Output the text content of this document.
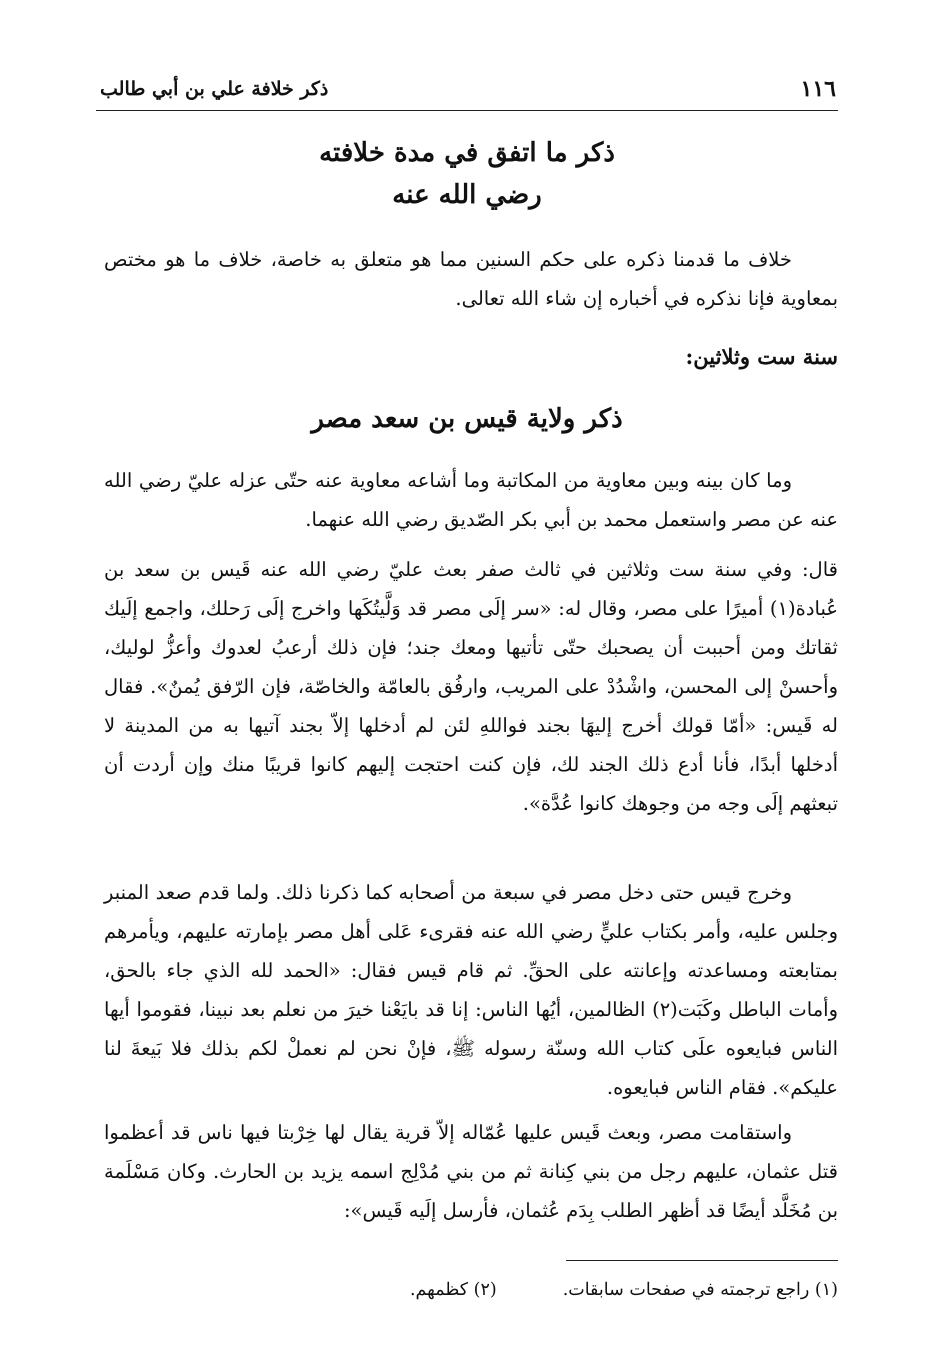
١١٦
ذكر خلافة علي بن أبي طالب
ذكر ما اتفق في مدة خلافته
رضي الله عنه

خلاف ما قدمنا ذكره على حكم السنين مما هو متعلق به خاصة، خلاف ما هو مختص بمعاوية فإنا نذكره في أخباره إن شاء الله تعالى.

سنة ست وثلاثين:

ذكر ولاية قيس بن سعد مصر

وما كان بينه وبين معاوية من المكاتبة وما أشاعه معاوية عنه حتّى عزله عليّ رضي الله عنه عن مصر واستعمل محمد بن أبي بكر الصّديق رضي الله عنهما.

قال: وفي سنة ست وثلاثين في ثالث صفر بعث عليّ رضي الله عنه قَيس بن سعد بن عُبادة(١) أميرًا على مصر، وقال له: «سر إلَى مصر قد وَلَّيتُكَها واخرج إلَى رَحلك، واجمع إلَيك ثقاتك ومن أحببت أن يصحبك حتّى تأتيها ومعك جند؛ فإن ذلك أرعبُ لعدوك وأعزُّ لوليك، وأحسنْ إلى المحسن، واشْدُدْ على المريب، وارفُق بالعامّة والخاصّة، فإن الرّفق يُمنٌ». فقال له قَيس: «أمّا قولك أخرج إليهَا بجند فواللهِ لئن لم أدخلها إلاّ بجند آتيها به من المدينة لا أدخلها أبدًا، فأنا أدع ذلك الجند لك، فإن كنت احتجت إليهم كانوا قريبًا منك وإن أردت أن تبعثهم إلَى وجه من وجوهك كانوا عُدَّة».

وخرج قيس حتى دخل مصر في سبعة من أصحابه كما ذكرنا ذلك. ولما قدم صعد المنبر وجلس عليه، وأمر بكتاب عليٍّ رضي الله عنه فقرىء عَلى أهل مصر بإمارته عليهم، ويأمرهم بمتابعته ومساعدته وإعانته على الحقِّ. ثم قام قيس فقال: «الحمد لله الذي جاء بالحق، وأمات الباطل وكَبَت(٢) الظالمين، أيُها الناس: إنا قد بايَعْنا خيرَ من نعلم بعد نبينا، فقوموا أيها الناس فبايعوه علَى كتاب الله وسنّة رسوله ﷺ، فإنْ نحن لم نعملْ لكم بذلك فلا بَيعةَ لنا عليكم». فقام الناس فبايعوه.

واستقامت مصر، وبعث قَيس عليها عُمّاله إلاّ قرية يقال لها خِرْبتا فيها ناس قد أعظموا قتل عثمان، عليهم رجل من بني كِنانة ثم من بني مُدْلِج اسمه يزيد بن الحارث. وكان مَسْلَمة بن مُخَلَّد أيضًا قد أظهر الطلب بِدَم عُثمان، فأرسل إلَيه قَيس»:

(١) راجع ترجمته في صفحات سابقات.(٢) كظمهم.
